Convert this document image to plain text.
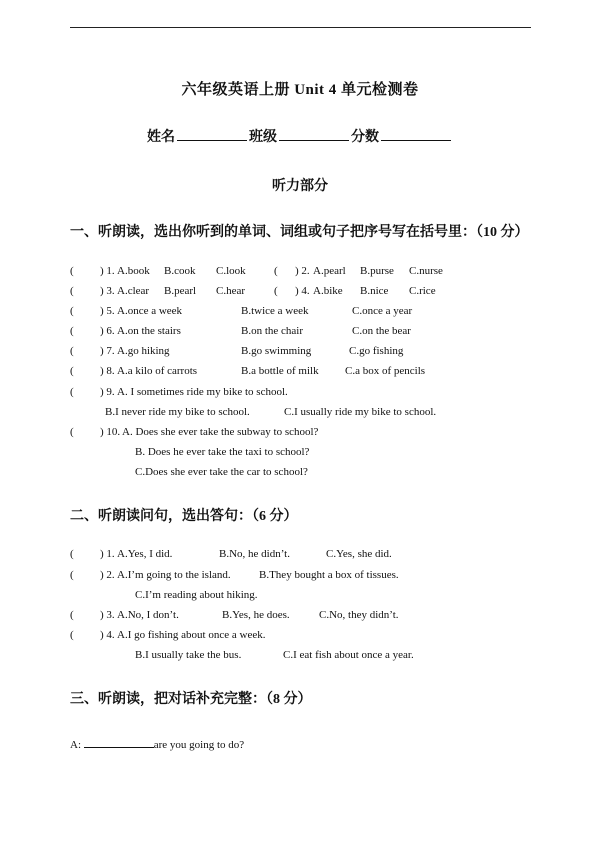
六年级英语上册 Unit 4 单元检测卷
姓名	班级	分数
听力部分
一、听朗读，选出你听到的单词、词组或句子把序号写在括号里：（10 分）
( ) 1. A.book B.cook C.look	( ) 2. A.pearl B.purse C.nurse
( ) 3. A.clear B.pearl C.hear	( ) 4. A.bike B.nice C.rice
( ) 5. A.once a week	B.twice a week	C.once a year
( ) 6. A.on the stairs	B.on the chair	C.on the bear
( ) 7. A.go hiking	B.go swimming	C.go fishing
( ) 8. A.a kilo of carrots	B.a bottle of milk C.a box of pencils
( ) 9. A. I sometimes ride my bike to school.
B.I never ride my bike to school.	C.I usually ride my bike to school.
( ) 10. A. Does she ever take the subway to school?
B. Does he ever take the taxi to school?
C.Does she ever take the car to school?
二、听朗读问句，选出答句：（6 分）
( ) 1. A.Yes, I did.	B.No, he didn’t.	C.Yes, she did.
( ) 2. A.I’m going to the island.	B.They bought a box of tissues.
C.I’m reading about hiking.
( ) 3. A.No, I don’t.	B.Yes, he does.	C.No, they didn’t.
( ) 4. A.I go fishing about once a week.
B.I usually take the bus.	C.I eat fish about once a year.
三、听朗读，把对话补充完整：（8 分）
A:	are you going to do?
